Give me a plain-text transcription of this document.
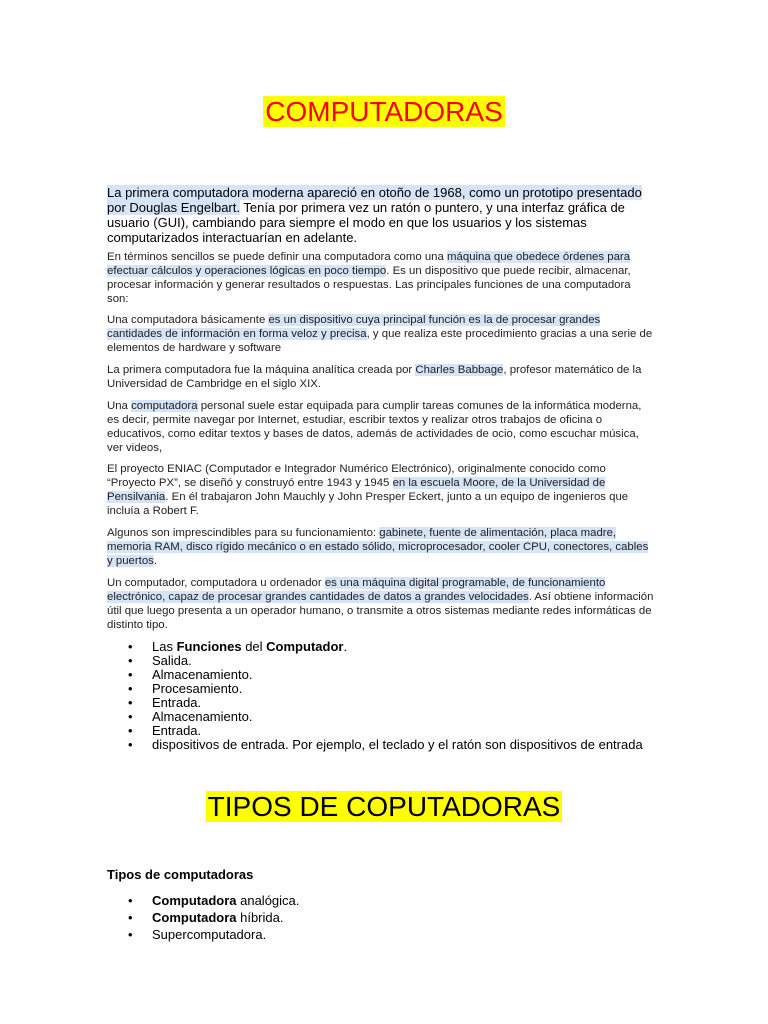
COMPUTADORAS

La primera computadora moderna apareció en otoño de 1968, como un prototipo presentado por Douglas Engelbart. Tenía por primera vez un ratón o puntero, y una interfaz gráfica de usuario (GUI), cambiando para siempre el modo en que los usuarios y los sistemas computarizados interactuarían en adelante.

En términos sencillos se puede definir una computadora como una máquina que obedece órdenes para efectuar cálculos y operaciones lógicas en poco tiempo. Es un dispositivo que puede recibir, almacenar, procesar información y generar resultados o respuestas. Las principales funciones de una computadora son:

Una computadora básicamente es un dispositivo cuya principal función es la de procesar grandes cantidades de información en forma veloz y precisa, y que realiza este procedimiento gracias a una serie de elementos de hardware y software

La primera computadora fue la máquina analítica creada por Charles Babbage, profesor matemático de la Universidad de Cambridge en el siglo XIX.

Una computadora personal suele estar equipada para cumplir tareas comunes de la informática moderna, es decir, permite navegar por Internet, estudiar, escribir textos y realizar otros trabajos de oficina o educativos, como editar textos y bases de datos, además de actividades de ocio, como escuchar música, ver videos,

El proyecto ENIAC (Computador e Integrador Numérico Electrónico), originalmente conocido como “Proyecto PX”, se diseñó y construyó entre 1943 y 1945 en la escuela Moore, de la Universidad de Pensilvania. En él trabajaron John Mauchly y John Presper Eckert, junto a un equipo de ingenieros que incluía a Robert F.

Algunos son imprescindibles para su funcionamiento: gabinete, fuente de alimentación, placa madre, memoria RAM, disco rígido mecánico o en estado sólido, microprocesador, cooler CPU, conectores, cables y puertos.

Un computador, computadora u ordenador es una máquina digital programable, de funcionamiento electrónico, capaz de procesar grandes cantidades de datos a grandes velocidades. Así obtiene información útil que luego presenta a un operador humano, o transmite a otros sistemas mediante redes informáticas de distinto tipo.

• Las Funciones del Computador.
• Salida.
• Almacenamiento.
• Procesamiento.
• Entrada.
• Almacenamiento.
• Entrada.
• dispositivos de entrada. Por ejemplo, el teclado y el ratón son dispositivos de entrada
TIPOS DE COPUTADORAS
Tipos de computadoras
• Computadora analógica.
• Computadora híbrida.
• Supercomputadora.
